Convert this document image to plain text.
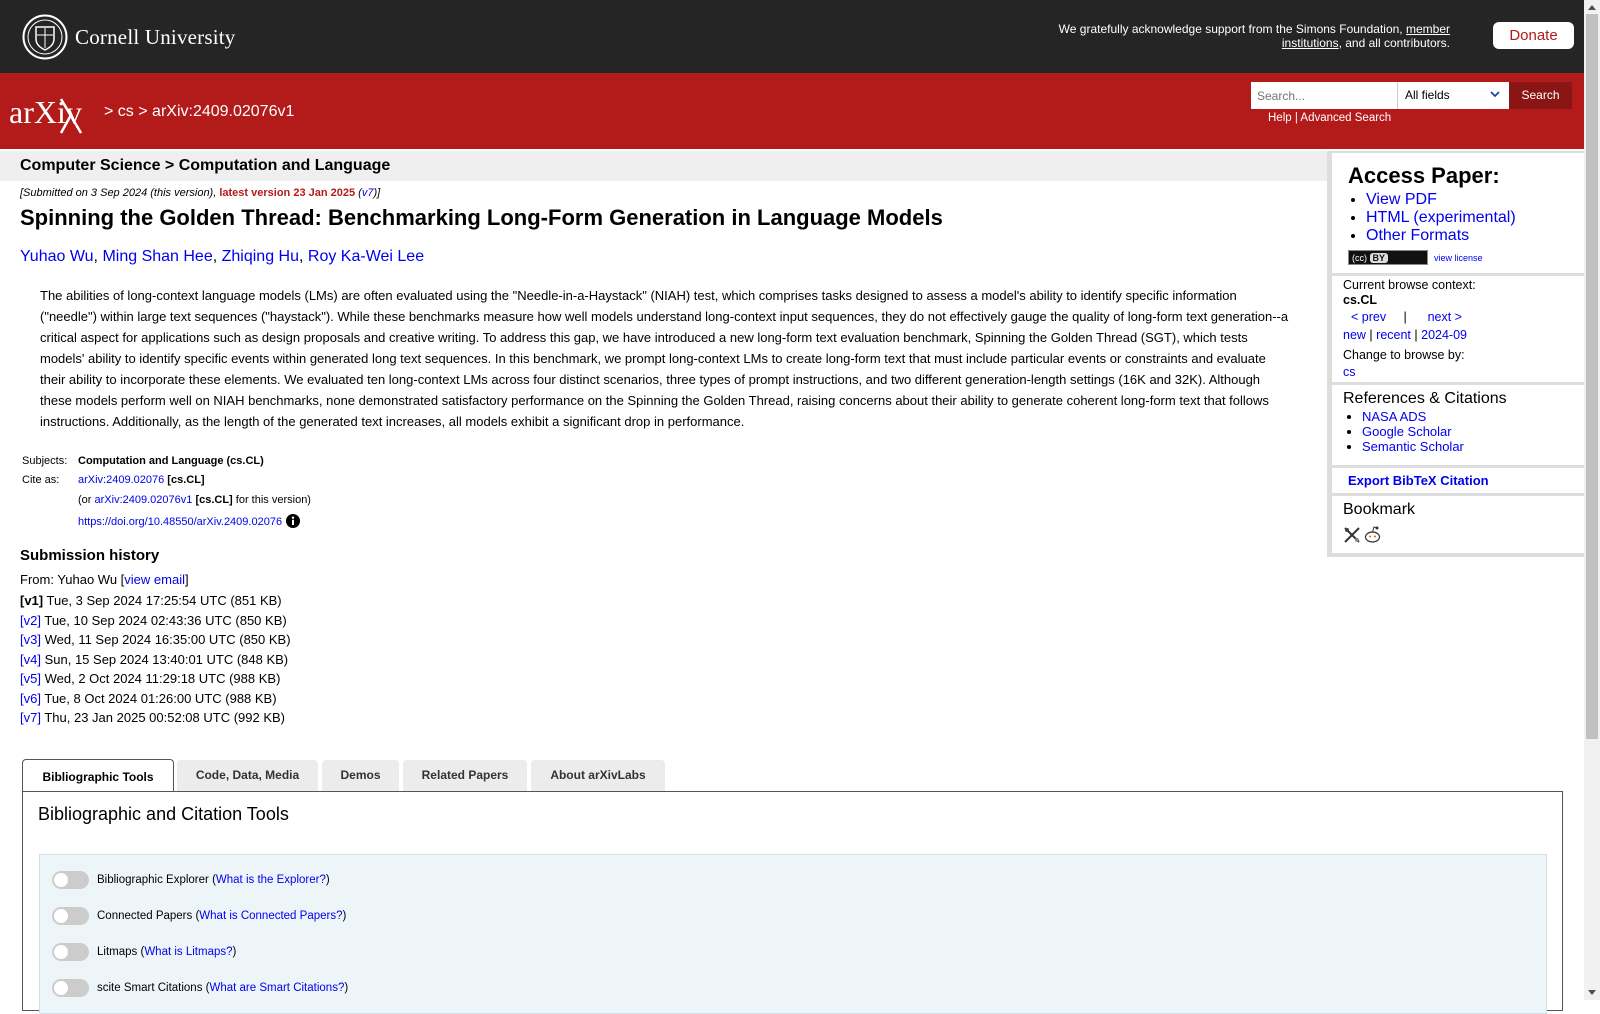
Cornell University	We gratefully acknowledge support from the Simons Foundation, member institutions, and all contributors.	Donate
arXiv > cs > arXiv:2409.02076v1
Search...
All fields	Search
Help | Advanced Search
Computer Science > Computation and Language
[Submitted on 3 Sep 2024 (this version), latest version 23 Jan 2025 (v7)]
Spinning the Golden Thread: Benchmarking Long-Form Generation in Language Models
Yuhao Wu, Ming Shan Hee, Zhiqing Hu, Roy Ka-Wei Lee

The abilities of long-context language models (LMs) are often evaluated using the "Needle-in-a-Haystack" (NIAH) test, which comprises tasks designed to assess a model's ability to identify specific information ("needle") within large text sequences ("haystack"). While these benchmarks measure how well models understand long-context input sequences, they do not effectively gauge the quality of long-form text generation--a critical aspect for applications such as design proposals and creative writing. To address this gap, we have introduced a new long-form text evaluation benchmark, Spinning the Golden Thread (SGT), which tests models' ability to identify specific events within generated long text sequences. In this benchmark, we prompt long-context LMs to create long-form text that must include particular events or constraints and evaluate their ability to incorporate these elements. We evaluated ten long-context LMs across four distinct scenarios, three types of prompt instructions, and two different generation-length settings (16K and 32K). Although these models perform well on NIAH benchmarks, none demonstrated satisfactory performance on the Spinning the Golden Thread, raising concerns about their ability to generate coherent long-form text that follows instructions. Additionally, as the length of the generated text increases, all models exhibit a significant drop in performance.

Subjects: Computation and Language (cs.CL)
Cite as: arXiv:2409.02076 [cs.CL]
(or arXiv:2409.02076v1 [cs.CL] for this version)
https://doi.org/10.48550/arXiv.2409.02076
Submission history
From: Yuhao Wu [view email]
[v1] Tue, 3 Sep 2024 17:25:54 UTC (851 KB)
[v2] Tue, 10 Sep 2024 02:43:36 UTC (850 KB)
[v3] Wed, 11 Sep 2024 16:35:00 UTC (850 KB)
[v4] Sun, 15 Sep 2024 13:40:01 UTC (848 KB)
[v5] Wed, 2 Oct 2024 11:29:18 UTC (988 KB)
[v6] Tue, 8 Oct 2024 01:26:00 UTC (988 KB)
[v7] Thu, 23 Jan 2025 00:52:08 UTC (992 KB)
Access Paper:
• View PDF
• HTML (experimental)
• Other Formats
(cc)
BY	view license
Current browse context:
cs.CL
< prev | next >
new | recent | 2024-09
Change to browse by:
cs
References & Citations
• NASA ADS
• Google Scholar
• Semantic Scholar
Export BibTeX Citation
Bookmark
Bibliographic Tools	Code, Data, Media	Demos	Related Papers	About arXivLabs
Bibliographic and Citation Tools
Bibliographic Explorer ( What is the Explorer? )
Connected Papers ( What is Connected Papers? )
Litmaps ( What is Litmaps? )
scite Smart Citations ( What are Smart Citations? )
